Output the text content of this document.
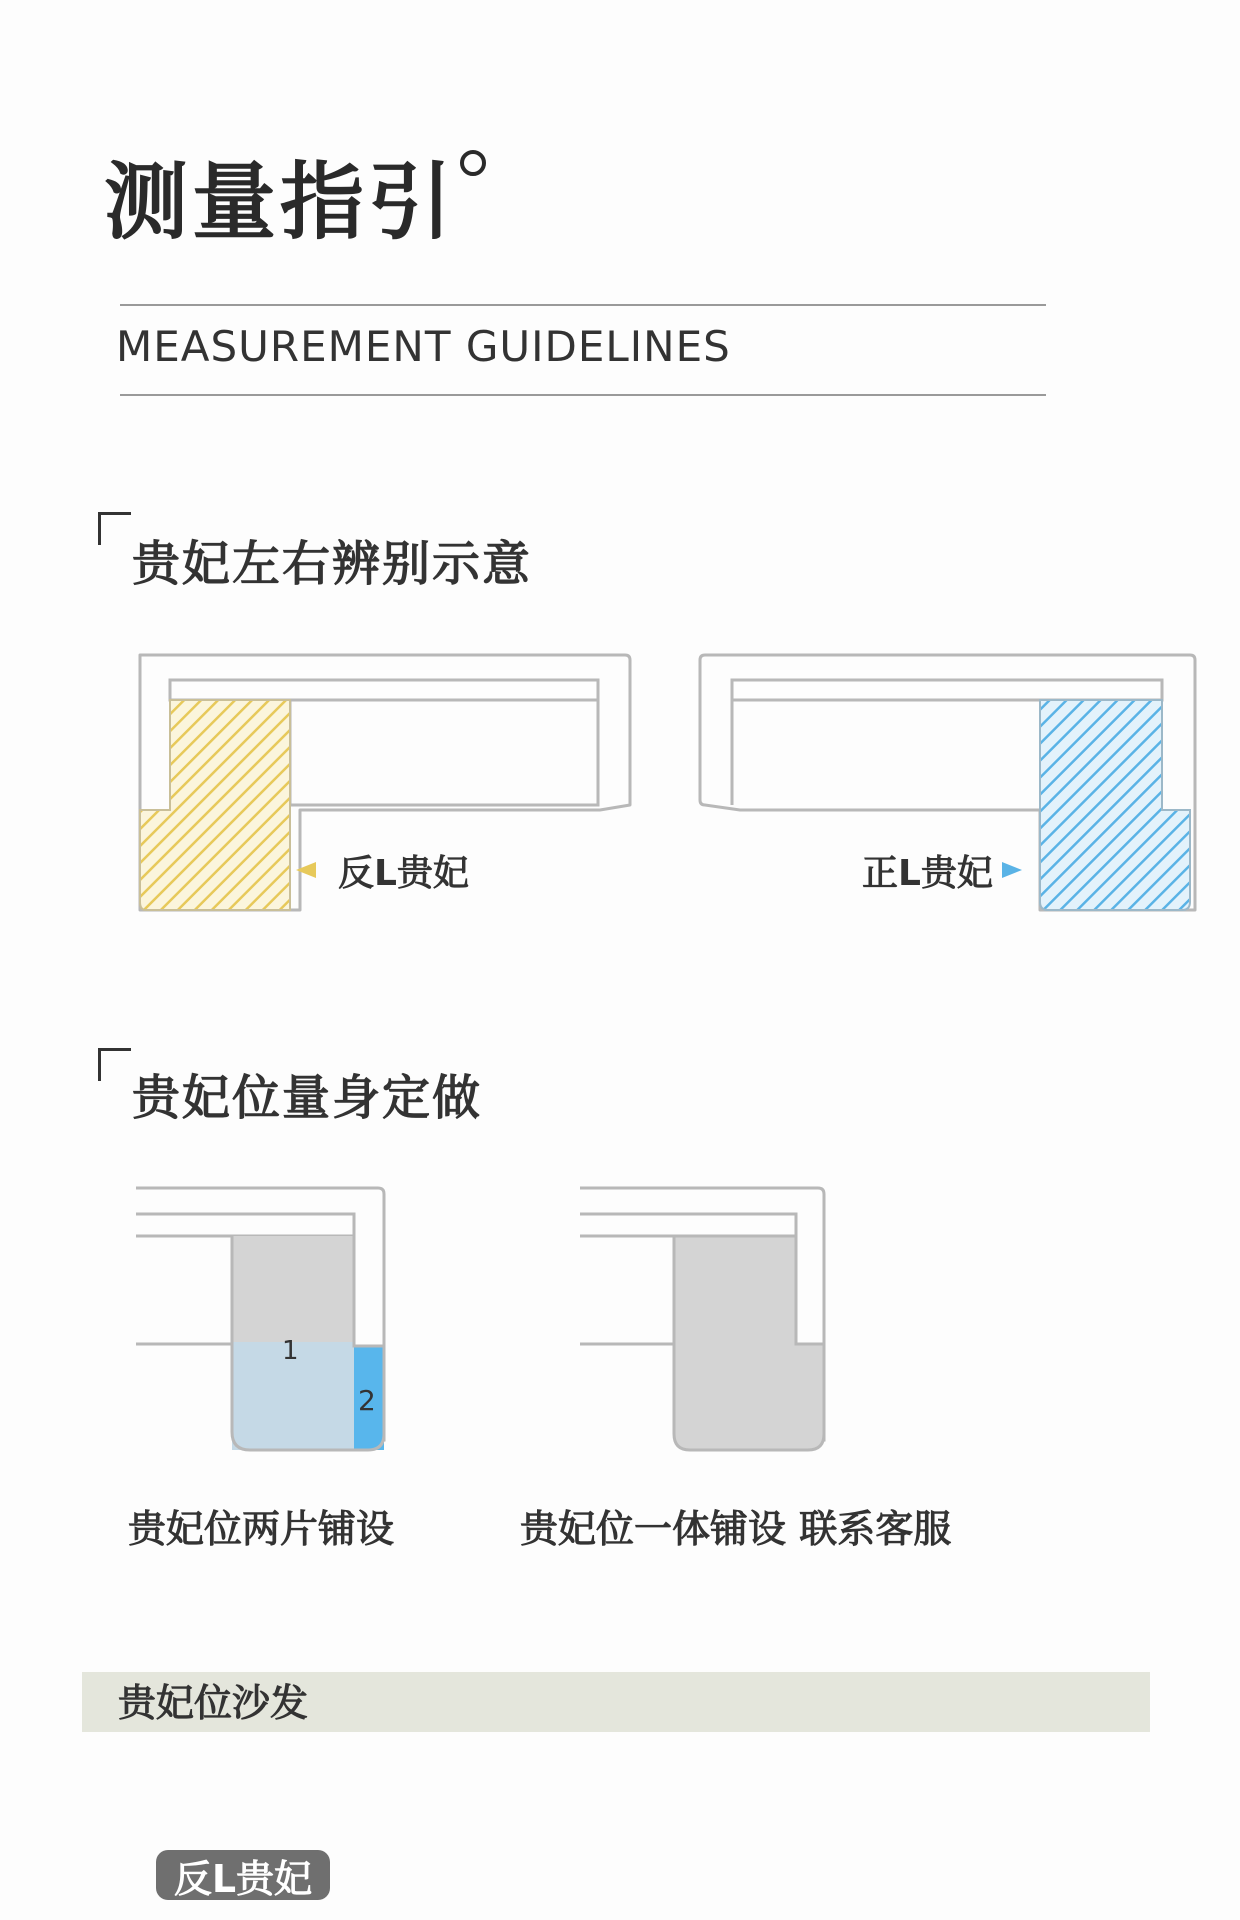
测量指引
MEASUREMENT GUIDELINES
贵妃左右辨别示意
反L贵妃	正L贵妃
贵妃位量身定做
1
2
贵妃位两片铺设	贵妃位一体铺设 联系客服
贵妃位沙发
反L贵妃
